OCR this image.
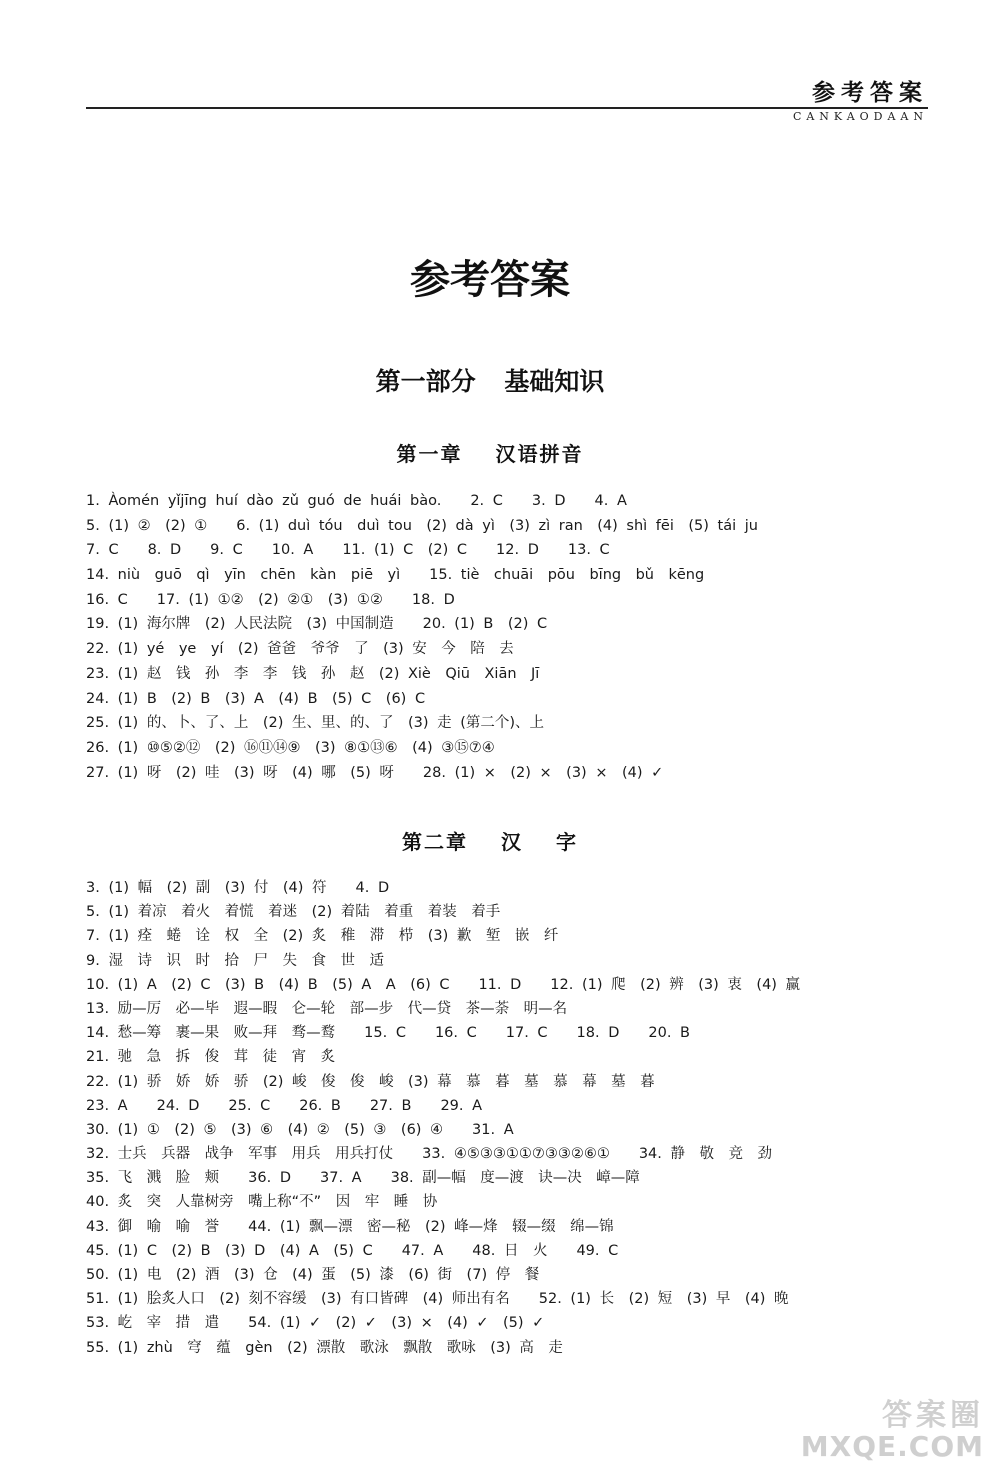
参考答案
CANKAODAAN
参考答案
第一部分 基础知识
第一章 汉语拼音
1. Àomén yǐjīng huí dào zǔ guó de huái bào.　　2. C　　3. D　　4. A
5. (1) ②　(2) ①　　6. (1) duì tóu　duì tou　(2) dà yì　(3) zì ran　(4) shì fēi　(5) tái ju
7. C　　8. D　　9. C　　10. A　　11. (1) C　(2) C　　12. D　　13. C
14. niù　guō　qì　yīn　chēn　kàn　piē　yì　　15. tiè　chuāi　pōu　bīng　bǔ　kēng
16. C　　17. (1) ①②　(2) ②①　(3) ①②　　18. D
19. (1) 海尔牌　(2) 人民法院　(3) 中国制造　　20. (1) B　(2) C
22. (1) yé　ye　yí　(2) 爸爸　爷爷　了　(3) 安　今　陪　去
23. (1) 赵　钱　孙　李　李　钱　孙　赵　(2) Xiè　Qiū　Xiān　Jī
24. (1) B　(2) B　(3) A　(4) B　(5) C　(6) C
25. (1) 的、卜、了、上　(2) 生、里、的、了　(3) 走 (第二个)、上
26. (1) ⑩⑤②⑫　(2) ⑯⑪⑭⑨　(3) ⑧①⑬⑥　(4) ③⑮⑦④
27. (1) 呀　(2) 哇　(3) 呀　(4) 哪　(5) 呀　　28. (1) ×　(2) ×　(3) ×　(4) ✓
第二章 汉 字
3. (1) 幅　(2) 副　(3) 付　(4) 符　　4. D
5. (1) 着凉　着火　着慌　着迷　(2) 着陆　着重　着装　着手
7. (1) 痊　蜷　诠　权　全　(2) 炙　稚　滞　栉　(3) 歉　堑　嵌　纤
9. 湿　诗　识　时　拾　尸　失　食　世　适
10. (1) A　(2) C　(3) B　(4) B　(5) A　A　(6) C　　11. D　　12. (1) 爬　(2) 辨　(3) 衷　(4) 赢
13. 励—厉　必—毕　遐—暇　仑—轮　部—步　代—贷　茶—荼　明—名
14. 愁—筹　裹—果　败—拜　骛—鹜　　15. C　　16. C　　17. C　　18. D　　20. B
21. 驰　急　拆　俊　茸　徒　宵　炙
22. (1) 骄　娇　娇　骄　(2) 峻　俊　俊　峻　(3) 幕　慕　暮　墓　慕　幕　墓　暮
23. A　　24. D　　25. C　　26. B　　27. B　　29. A
30. (1) ①　(2) ⑤　(3) ⑥　(4) ②　(5) ③　(6) ④　　31. A
32. 士兵　兵器　战争　军事　用兵　用兵打仗　　33. ④⑤③③①①⑦③③②⑥①　　34. 静　敬　竞　劲
35. 飞　溅　脸　颊　　36. D　　37. A　　38. 副—幅　度—渡　诀—决　嶂—障
40. 炙　突　人靠树旁　嘴上称“不”　因　牢　睡　协
43. 御　喻　喻　誉　　44. (1) 飘—漂　密—秘　(2) 峰—烽　辍—缀　绵—锦
45. (1) C　(2) B　(3) D　(4) A　(5) C　　47. A　　48. 日　火　　49. C
50. (1) 电　(2) 酒　(3) 仓　(4) 蛋　(5) 漆　(6) 街　(7) 停　餐
51. (1) 脍炙人口　(2) 刻不容缓　(3) 有口皆碑　(4) 师出有名　　52. (1) 长　(2) 短　(3) 早　(4) 晚
53. 屹　宰　措　遣　　54. (1) ✓　(2) ✓　(3) ×　(4) ✓　(5) ✓
55. (1) zhù　穹　蕴　gèn　(2) 漂散　歌泳　飘散　歌咏　(3) 高　走
答案圈
MXQE.COM
